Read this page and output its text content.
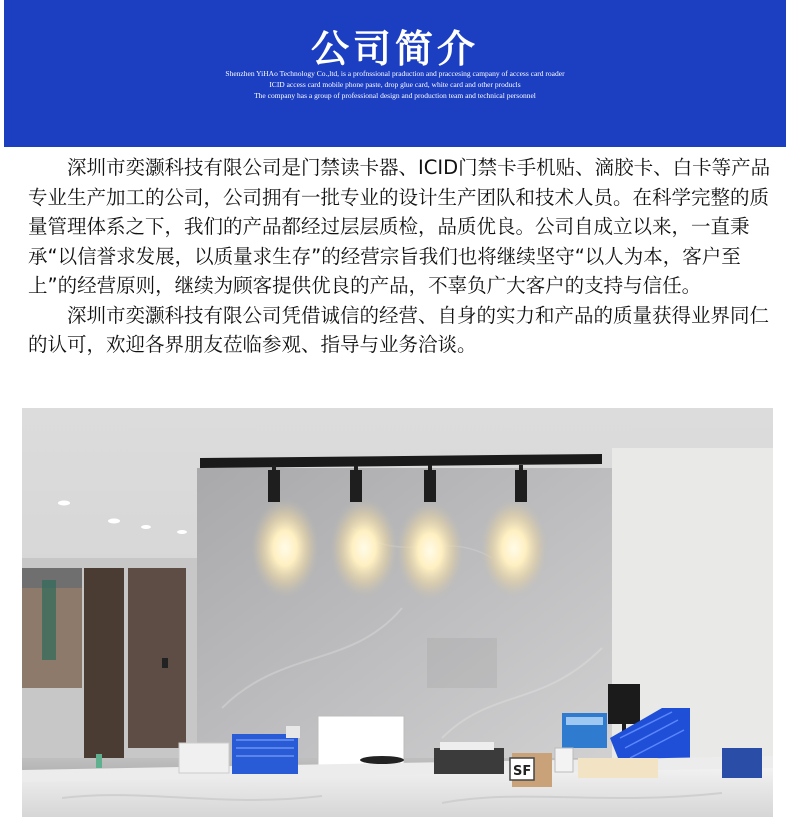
公司简介
Shenzhen YiHAo Technology Co.,ltd, is a profnssional praduction and praccesing campany of access card roader
ICID access card mobile phone paste, drop glue card, white card and other producls
The company has a group of professional design and production team and technical personnel

深圳市奕灏科技有限公司是门禁读卡器、ICID门禁卡手机贴、滴胶卡、白卡等产品专业生产加工的公司，公司拥有一批专业的设计生产团队和技术人员。在科学完整的质量管理体系之下，我们的产品都经过层层质检，品质优良。公司自成立以来，一直秉承“以信誉求发展，以质量求生存”的经营宗旨我们也将继续坚守“以人为本，客户至上”的经营原则，继续为顾客提供优良的产品，不辜负广大客户的支持与信任。

深圳市奕灏科技有限公司凭借诚信的经营、自身的实力和产品的质量获得业界同仁的认可，欢迎各界朋友莅临参观、指导与业务洽谈。

SF
